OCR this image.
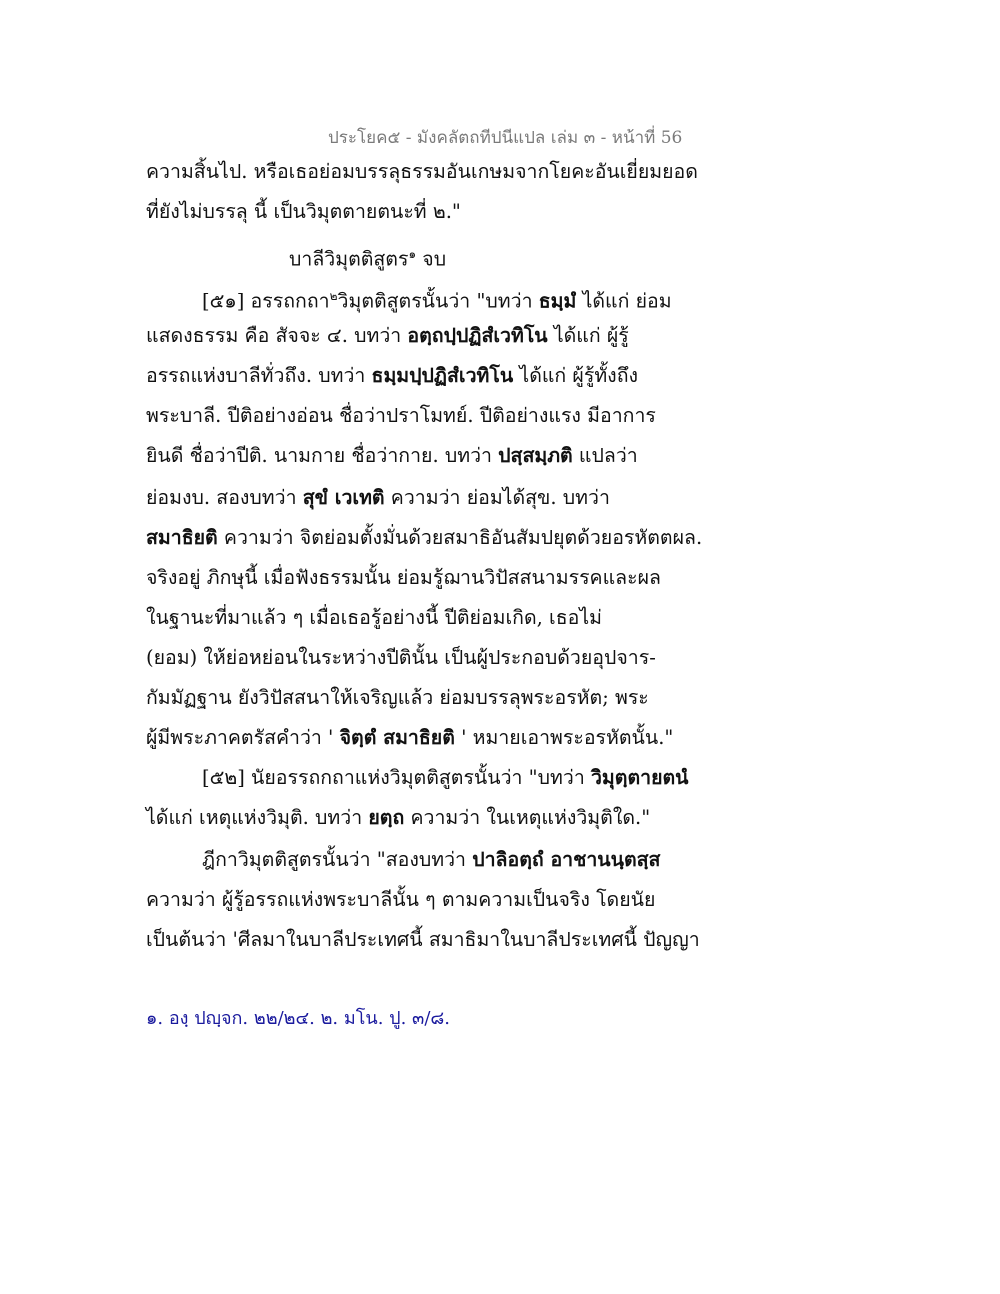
ประโยค๕ - มังคลัตถทีปนีแปล เล่ม ๓ - หน้าที่ 56
ความสิ้นไป. หรือเธอย่อมบรรลุธรรมอันเกษมจากโยคะอันเยี่ยมยอด
ที่ยังไม่บรรลุ นี้ เป็นวิมุตตายตนะที่ ๒."
บาลีวิมุตติสูตร$^๑$ จบ
[๕๑] อรรถกถา$^๒$วิมุตติสูตรนั้นว่า "บทว่า ธมฺมํ ได้แก่ ย่อม
แสดงธรรม คือ สัจจะ ๔. บทว่า อตฺถปฺปฏิสํเวทิโน ได้แก่ ผู้รู้
อรรถแห่งบาลีทั่วถึง. บทว่า ธมฺมปฺปฏิสํเวทิโน ได้แก่ ผู้รู้ทั้งถึง
พระบาลี. ปีติอย่างอ่อน ชื่อว่าปราโมทย์. ปีติอย่างแรง มีอาการ
ยินดี ชื่อว่าปีติ. นามกาย ชื่อว่ากาย. บทว่า ปสฺสมฺภติ แปลว่า
ย่อมงบ. สองบทว่า สุขํ เวเทติ ความว่า ย่อมได้สุข. บทว่า
สมาธิยติ ความว่า จิตย่อมตั้งมั่นด้วยสมาธิอันสัมปยุตด้วยอรหัตตผล.
จริงอยู่ ภิกษุนี้ เมื่อฟังธรรมนั้น ย่อมรู้ฌานวิปัสสนามรรคและผล
ในฐานะที่มาแล้ว ๆ เมื่อเธอรู้อย่างนี้ ปีติย่อมเกิด, เธอไม่
(ยอม) ให้ย่อหย่อนในระหว่างปีตินั้น เป็นผู้ประกอบด้วยอุปจาร-
กัมมัฏฐาน ยังวิปัสสนาให้เจริญแล้ว ย่อมบรรลุพระอรหัต; พระ
ผู้มีพระภาคตรัสคำว่า ' จิตฺตํ สมาธิยติ ' หมายเอาพระอรหัตนั้น."
[๕๒] นัยอรรถกถาแห่งวิมุตติสูตรนั้นว่า "บทว่า วิมุตฺตายตนํ
ได้แก่ เหตุแห่งวิมุติ. บทว่า ยตฺถ ความว่า ในเหตุแห่งวิมุติใด."
ฎีกาวิมุตติสูตรนั้นว่า "สองบทว่า ปาลิอตฺถํ อาชานนฺตสฺส
ความว่า ผู้รู้อรรถแห่งพระบาลีนั้น ๆ ตามความเป็นจริง โดยนัย
เป็นต้นว่า 'ศีลมาในบาลีประเทศนี้ สมาธิมาในบาลีประเทศนี้ ปัญญา
๑. องฺ ปญฺจก. ๒๒/๒๔. ๒. มโน. ปู. ๓/๘.
